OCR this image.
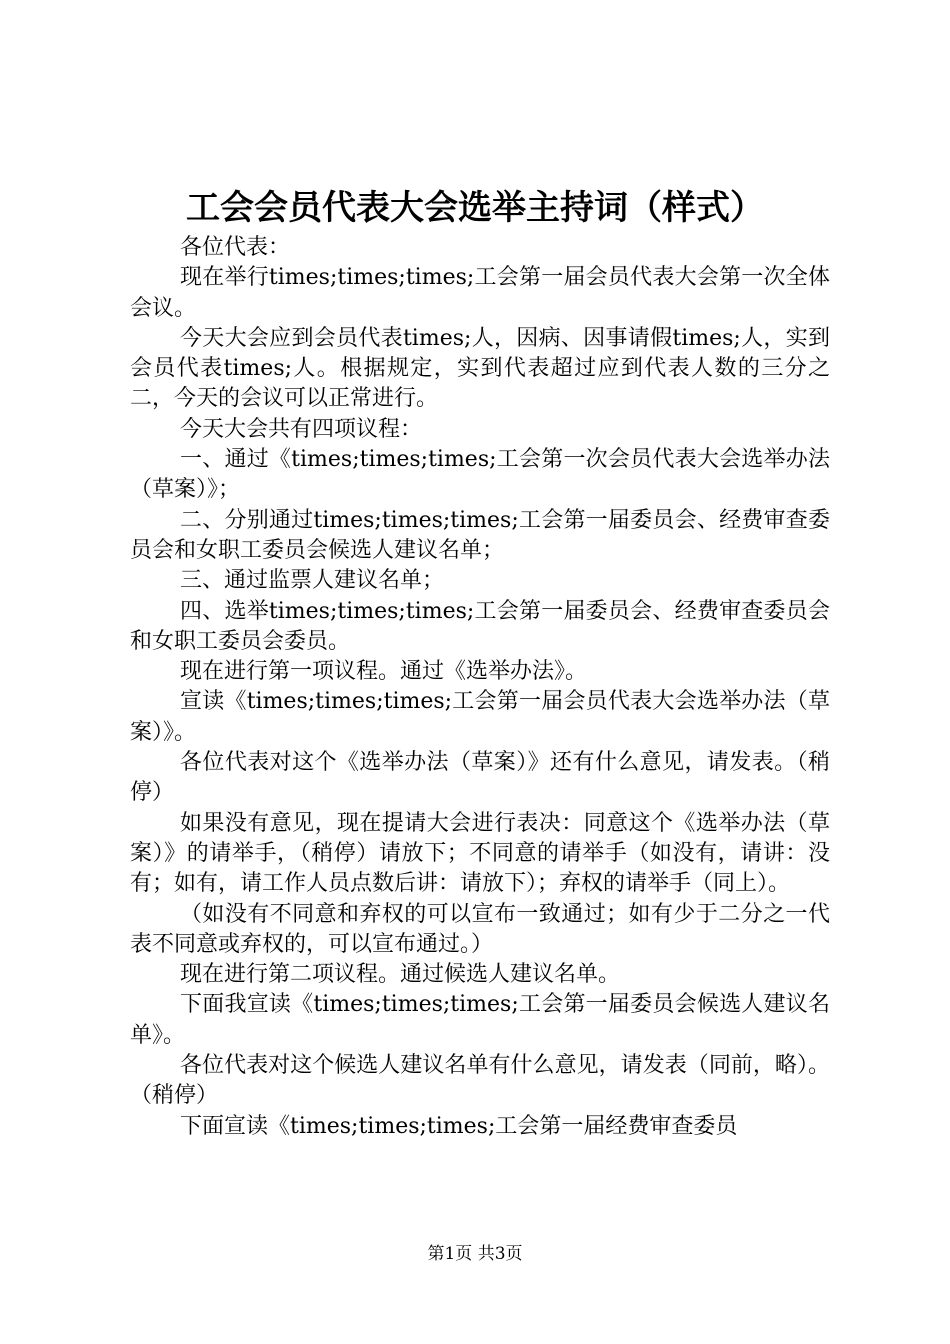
工会会员代表大会选举主持词（样式）

各位代表：

现在举行times;times;times;工会第一届会员代表大会第一次全体会议。

今天大会应到会员代表times;人，因病、因事请假times;人，实到会员代表times;人。根据规定，实到代表超过应到代表人数的三分之二，今天的会议可以正常进行。

今天大会共有四项议程：

一、通过《times;times;times;工会第一次会员代表大会选举办法（草案）》；

二、分别通过times;times;times;工会第一届委员会、经费审查委员会和女职工委员会候选人建议名单；

三、通过监票人建议名单；

四、选举times;times;times;工会第一届委员会、经费审查委员会和女职工委员会委员。

现在进行第一项议程。通过《选举办法》。

宣读《times;times;times;工会第一届会员代表大会选举办法（草案）》。

各位代表对这个《选举办法（草案）》还有什么意见，请发表。（稍停）

如果没有意见，现在提请大会进行表决：同意这个《选举办法（草案）》的请举手，（稍停）请放下；不同意的请举手（如没有，请讲：没有；如有，请工作人员点数后讲：请放下）；弃权的请举手（同上）。

（如没有不同意和弃权的可以宣布一致通过；如有少于二分之一代表不同意或弃权的，可以宣布通过。）

现在进行第二项议程。通过候选人建议名单。

下面我宣读《times;times;times;工会第一届委员会候选人建议名单》。

各位代表对这个候选人建议名单有什么意见，请发表（同前，略）。（稍停）

下面宣读《times;times;times;工会第一届经费审查委员

第1页 共3页
